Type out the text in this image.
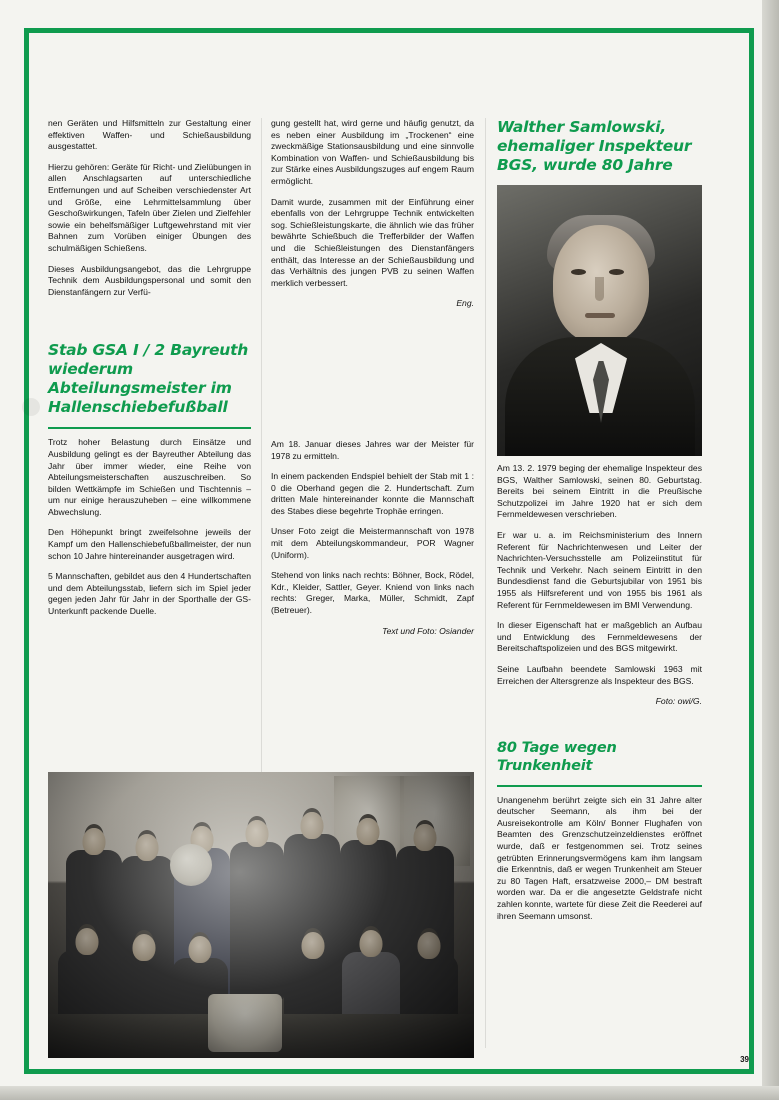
nen Geräten und Hilfsmitteln zur Gestaltung einer effektiven Waffen- und Schießausbildung ausgestattet.

Hierzu gehören: Geräte für Richt- und Zielübungen in allen Anschlagsarten auf unterschiedliche Entfernungen und auf Scheiben verschiedenster Art und Größe, eine Lehrmittelsammlung über Geschoßwirkungen, Tafeln über Zielen und Zielfehler sowie ein behelfsmäßiger Luftgewehrstand mit vier Bahnen zum Vorüben einiger Übungen des schulmäßigen Schießens.

Dieses Ausbildungsangebot, das die Lehrgruppe Technik dem Ausbildungspersonal und somit den Dienstanfängern zur Verfü-

Stab GSA I / 2 Bayreuth wiederum Abteilungsmeister im Hallenschiebefußball

Trotz hoher Belastung durch Einsätze und Ausbildung gelingt es der Bayreuther Abteilung das Jahr über immer wieder, eine Reihe von Abteilungsmeisterschaften auszuschreiben. So bilden Wettkämpfe im Schießen und Tischtennis – um nur einige herauszuheben – eine willkommene Abwechslung.

Den Höhepunkt bringt zweifelsohne jeweils der Kampf um den Hallenschiebefußballmeister, der nun schon 10 Jahre hintereinander ausgetragen wird.

5 Mannschaften, gebildet aus den 4 Hundertschaften und dem Abteilungsstab, liefern sich im Spiel jeder gegen jeden Jahr für Jahr in der Sporthalle der GS-Unterkunft packende Duelle.

gung gestellt hat, wird gerne und häufig genutzt, da es neben einer Ausbildung im „Trockenen“ eine zweckmäßige Stationsausbildung und eine sinnvolle Kombination von Waffen- und Schießausbildung bis zur Stärke eines Ausbildungszuges auf engem Raum ermöglicht.

Damit wurde, zusammen mit der Einführung einer ebenfalls von der Lehrgruppe Technik entwickelten sog. Schießleistungskarte, die ähnlich wie das früher bewährte Schießbuch die Trefferbilder der Waffen und die Schießleistungen des Dienstanfängers enthält, das Interesse an der Schießausbildung und das Verhältnis des jungen PVB zu seinen Waffen merklich verbessert.

Eng.

Am 18. Januar dieses Jahres war der Meister für 1978 zu ermitteln.

In einem packenden Endspiel behielt der Stab mit 1 : 0 die Oberhand gegen die 2. Hundertschaft. Zum dritten Male hintereinander konnte die Mannschaft des Stabes diese begehrte Trophäe erringen.

Unser Foto zeigt die Meistermannschaft von 1978 mit dem Abteilungskommandeur, POR Wagner (Uniform).

Stehend von links nach rechts: Böhner, Bock, Rödel, Kdr., Kleider, Sattler, Geyer. Kniend von links nach rechts: Greger, Marka, Müller, Schmidt, Zapf (Betreuer).

Text und Foto: Osiander

Walther Samlowski, ehemaliger Inspekteur BGS, wurde 80 Jahre

Am 13. 2. 1979 beging der ehemalige Inspekteur des BGS, Walther Samlowski, seinen 80. Geburtstag. Bereits bei seinem Eintritt in die Preußische Schutzpolizei im Jahre 1920 hat er sich dem Fernmeldewesen verschrieben.

Er war u. a. im Reichsministerium des Innern Referent für Nachrichtenwesen und Leiter der Nachrichten-Versuchsstelle am Polizeiinstitut für Technik und Verkehr. Nach seinem Eintritt in den Bundesdienst fand die Geburtsjubilar von 1951 bis 1955 als Hilfsreferent und von 1955 bis 1961 als Referent für Fernmeldewesen im BMI Verwendung.

In dieser Eigenschaft hat er maßgeblich an Aufbau und Entwicklung des Fernmeldewesens der Bereitschaftspolizeien und des BGS mitgewirkt.

Seine Laufbahn beendete Samlowski 1963 mit Erreichen der Altersgrenze als Inspekteur des BGS.

Foto: owi/G.

80 Tage wegen Trunkenheit

Unangenehm berührt zeigte sich ein 31 Jahre alter deutscher Seemann, als ihm bei der Ausreisekontrolle am Köln/ Bonner Flughafen von Beamten des Grenzschutzeinzeldienstes eröffnet wurde, daß er festgenommen sei. Trotz seines getrübten Erinnerungsvermögens kam ihm langsam die Erkenntnis, daß er wegen Trunkenheit am Steuer zu 80 Tagen Haft, ersatzweise 2000,– DM bestraft worden war. Da er die angesetzte Geldstrafe nicht zahlen konnte, wartete für diese Zeit die Reederei auf ihren Seemann umsonst.

39
